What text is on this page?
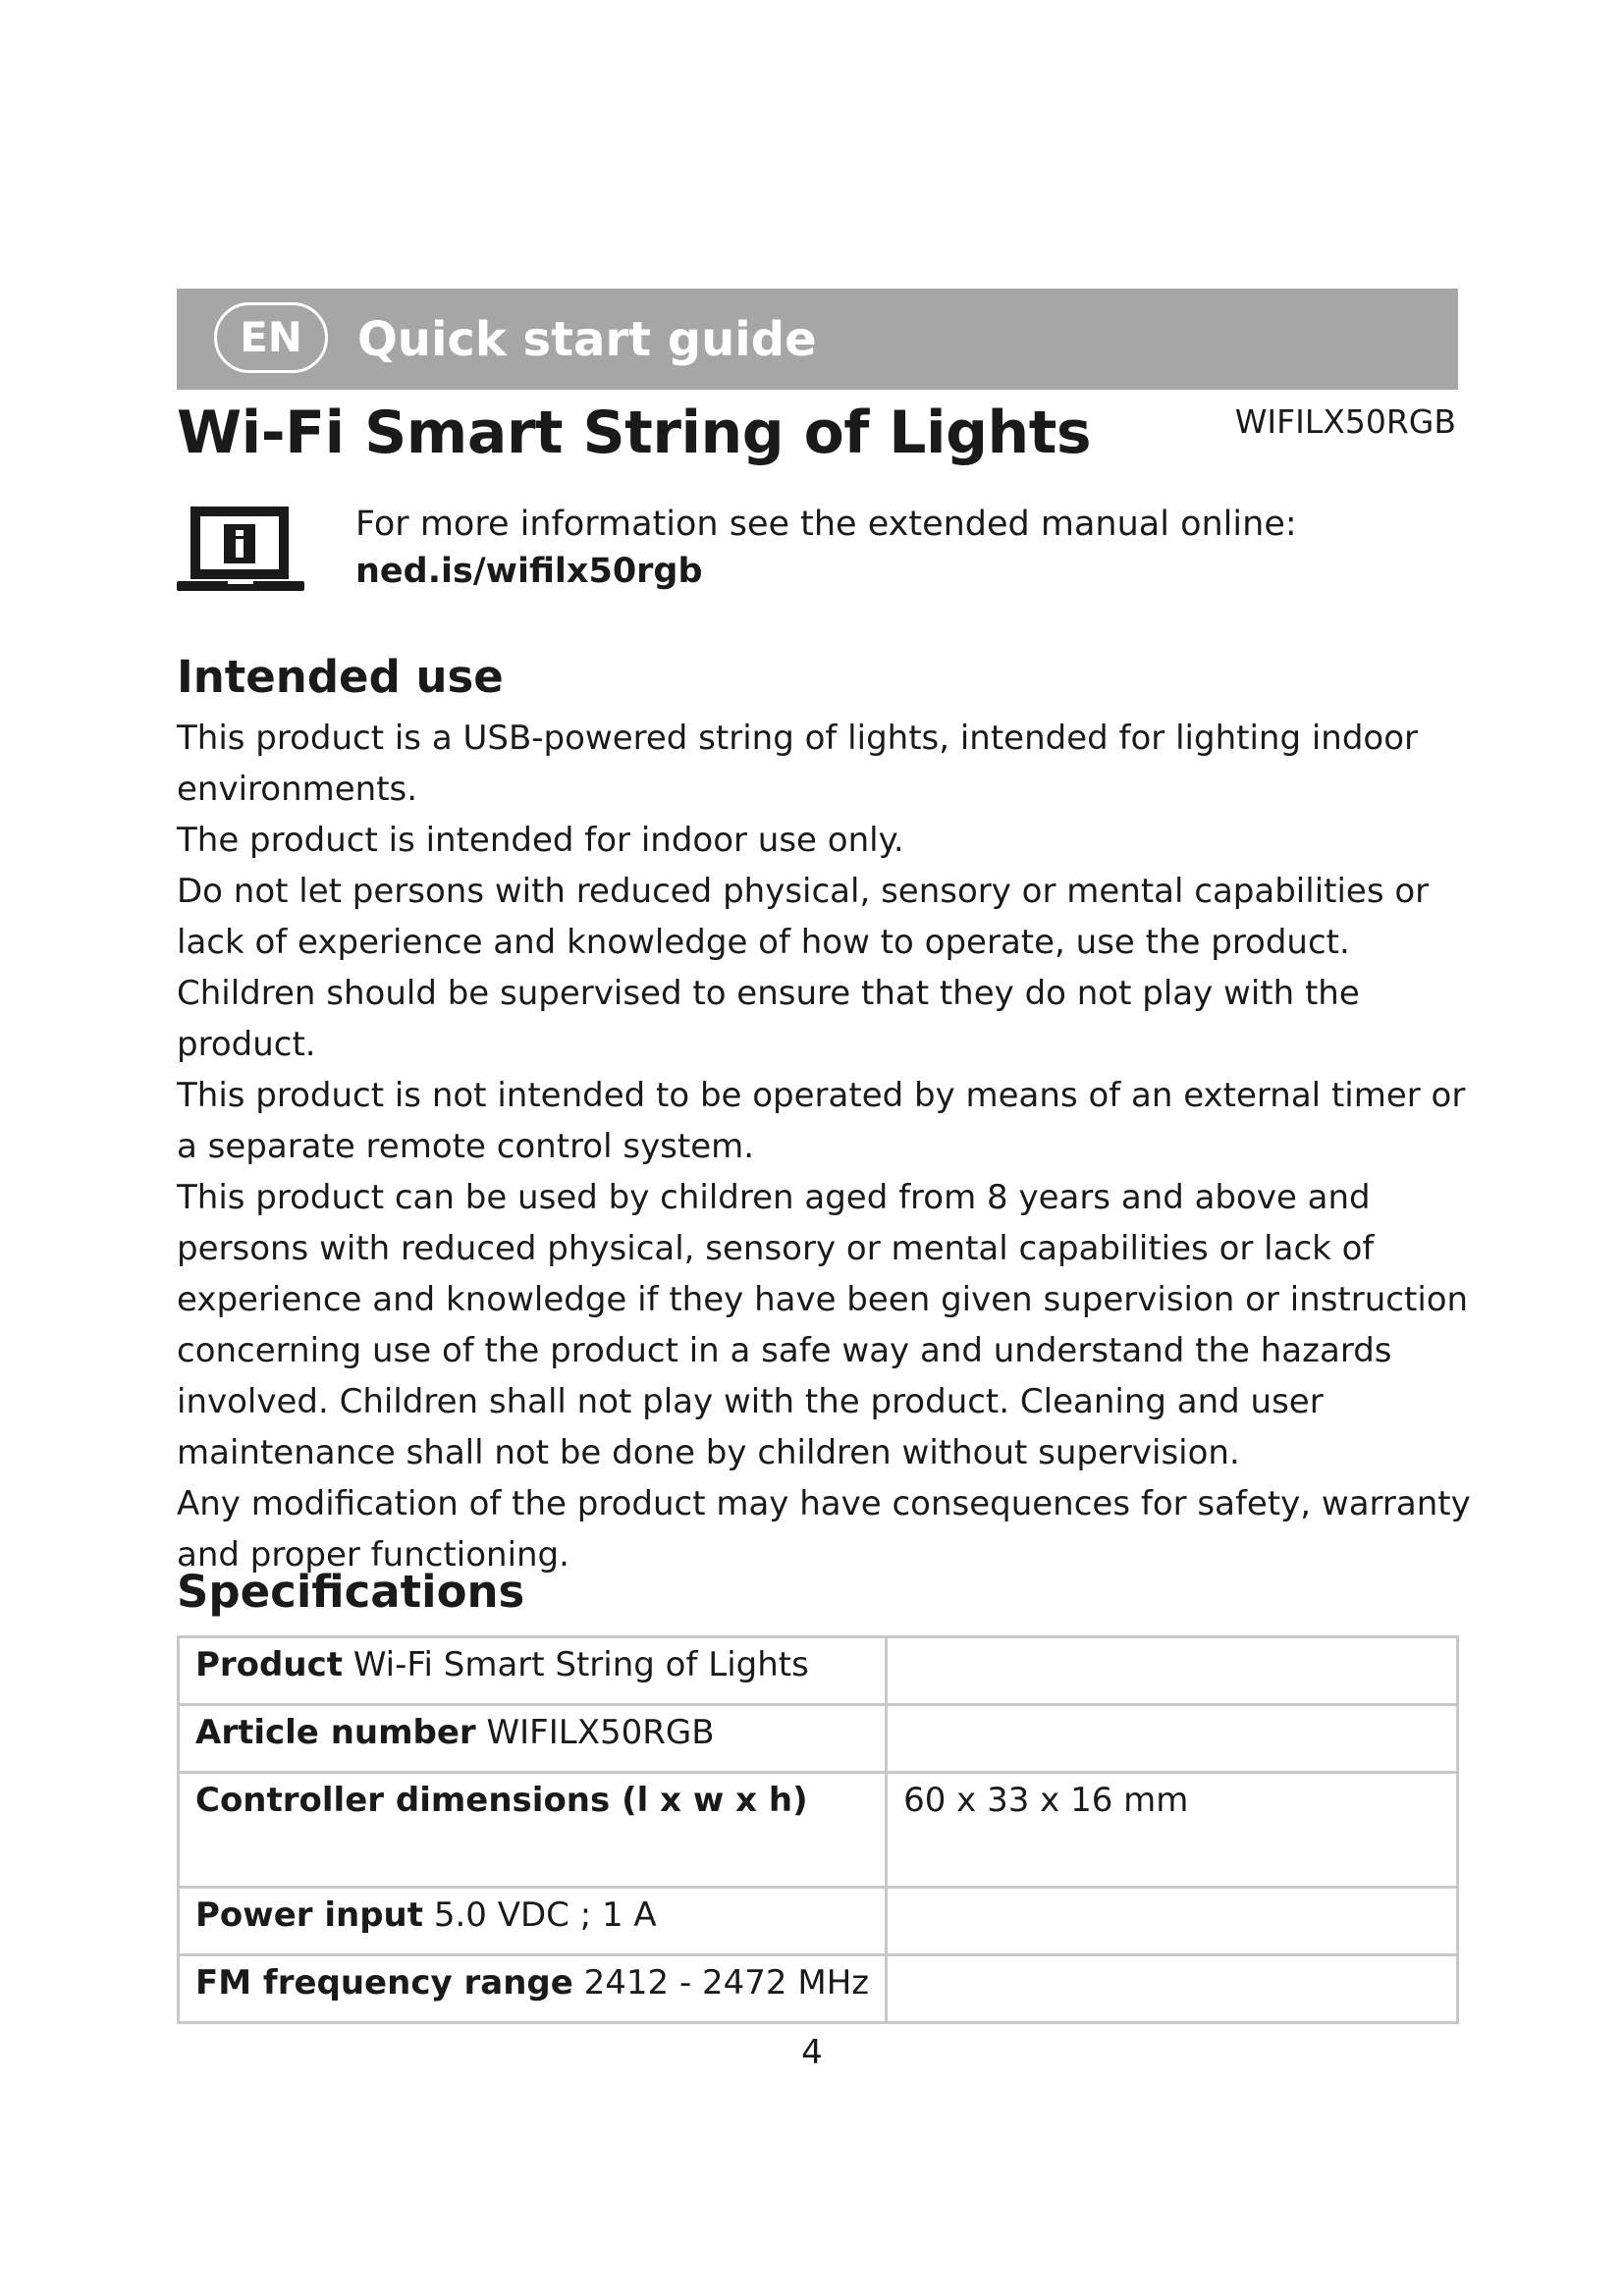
EN	Quick start guide
Wi-Fi Smart String of Lights	WIFILX50RGB
For more information see the extended manual online:
ned.is/wifilx50rgb
Intended use

This product is a USB-powered string of lights, intended for lighting indoor environments.

The product is intended for indoor use only.

Do not let persons with reduced physical, sensory or mental capabilities or lack of experience and knowledge of how to operate, use the product.

Children should be supervised to ensure that they do not play with the product.

This product is not intended to be operated by means of an external timer or a separate remote control system.

This product can be used by children aged from 8 years and above and persons with reduced physical, sensory or mental capabilities or lack of experience and knowledge if they have been given supervision or instruction concerning use of the product in a safe way and understand the hazards involved. Children shall not play with the product. Cleaning and user maintenance shall not be done by children without supervision.

Any modification of the product may have consequences for safety, warranty and proper functioning.

Specifications
Product Wi-Fi Smart String of Lights	
Article number WIFILX50RGB	
Controller dimensions (l x w x h)	60 x 33 x 16 mm
Power input 5.0 VDC ; 1 A	
FM frequency range 2412 - 2472 MHz	
4
